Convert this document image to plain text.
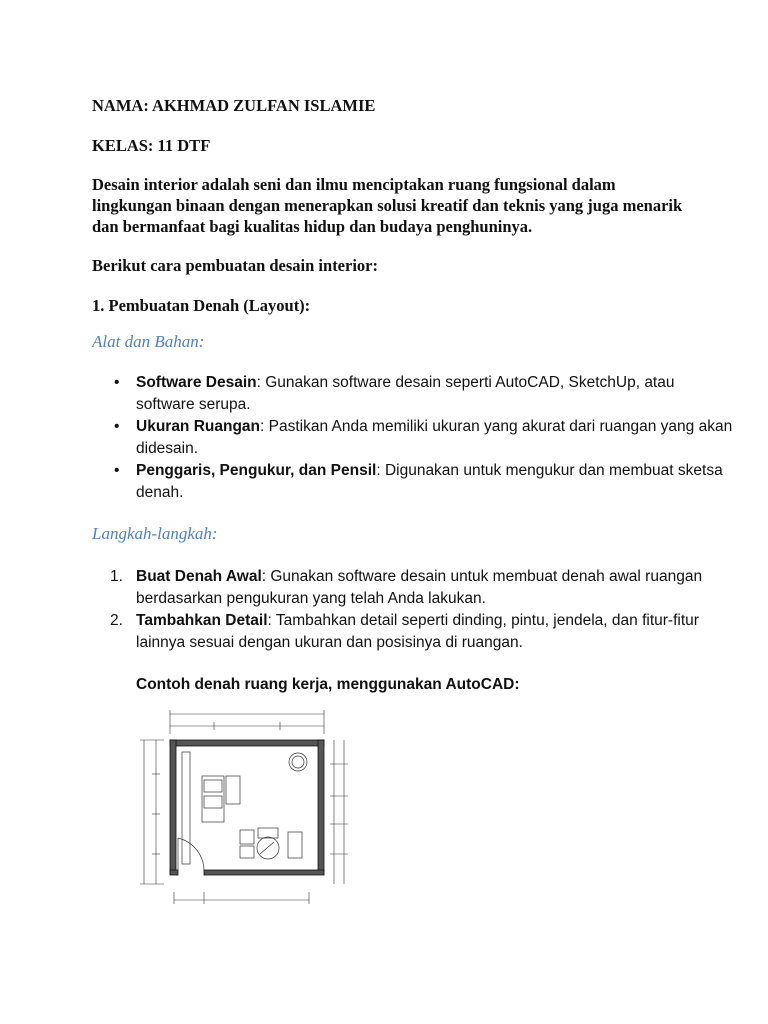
NAMA: AKHMAD ZULFAN ISLAMIE
KELAS: 11 DTF
Desain interior adalah seni dan ilmu menciptakan ruang fungsional dalam lingkungan binaan dengan menerapkan solusi kreatif dan teknis yang juga menarik dan bermanfaat bagi kualitas hidup dan budaya penghuninya.
Berikut cara pembuatan desain interior:
1. Pembuatan Denah (Layout):
Alat dan Bahan:
• Software Desain: Gunakan software desain seperti AutoCAD, SketchUp, atau software serupa.
• Ukuran Ruangan: Pastikan Anda memiliki ukuran yang akurat dari ruangan yang akan didesain.
• Penggaris, Pengukur, dan Pensil: Digunakan untuk mengukur dan membuat sketsa denah.
Langkah-langkah:
1. Buat Denah Awal: Gunakan software desain untuk membuat denah awal ruangan berdasarkan pengukuran yang telah Anda lakukan.
2. Tambahkan Detail: Tambahkan detail seperti dinding, pintu, jendela, dan fitur-fitur lainnya sesuai dengan ukuran dan posisinya di ruangan.
Contoh denah ruang kerja, menggunakan AutoCAD:
